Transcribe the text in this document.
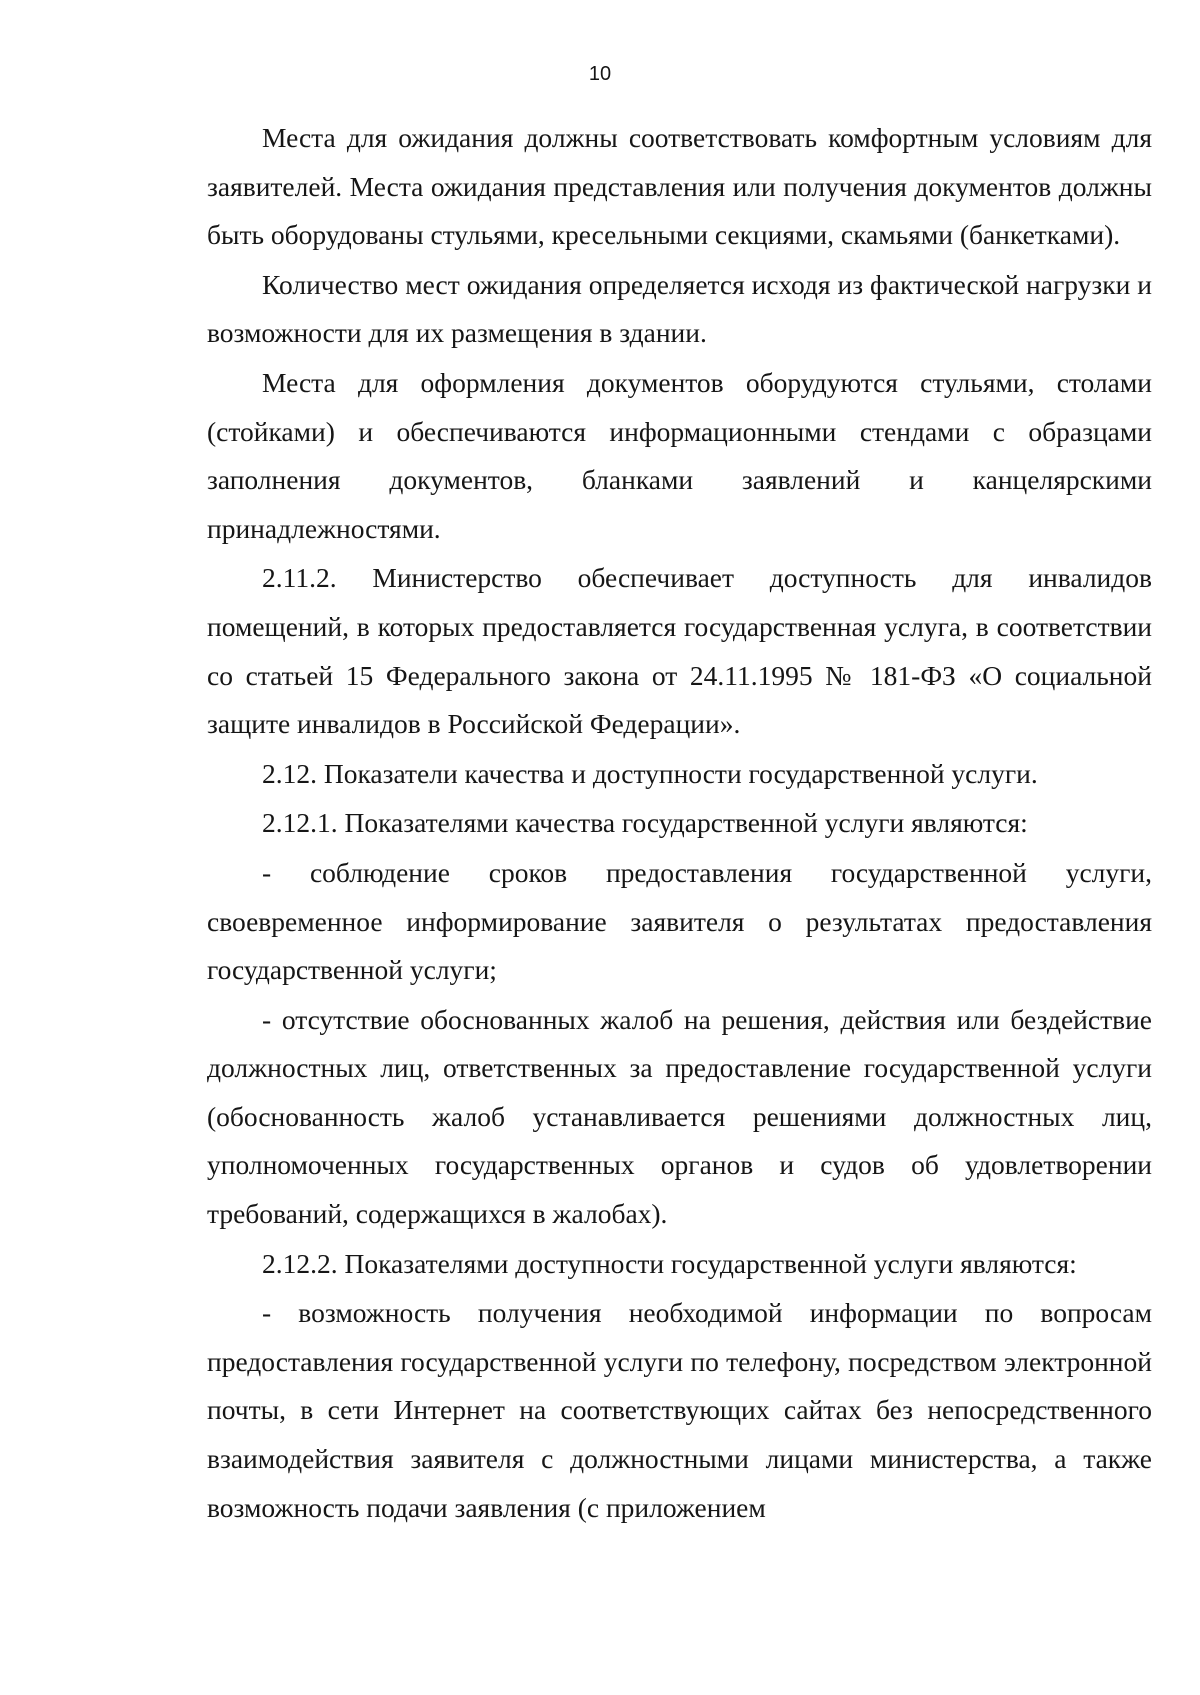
10

Места для ожидания должны соответствовать комфортным условиям для заявителей. Места ожидания представления или получения документов должны быть оборудованы стульями, кресельными секциями, скамьями (банкетками).

Количество мест ожидания определяется исходя из фактической нагрузки и возможности для их размещения в здании.

Места для оформления документов оборудуются стульями, столами (стойками) и обеспечиваются информационными стендами с образцами заполнения документов, бланками заявлений и канцелярскими принадлежностями.

2.11.2. Министерство обеспечивает доступность для инвалидов помещений, в которых предоставляется государственная услуга, в соответствии со статьей 15 Федерального закона от 24.11.1995 № 181-ФЗ «О социальной защите инвалидов в Российской Федерации».

2.12. Показатели качества и доступности государственной услуги.

2.12.1. Показателями качества государственной услуги являются:

- соблюдение сроков предоставления государственной услуги, своевременное информирование заявителя о результатах предоставления государственной услуги;

- отсутствие обоснованных жалоб на решения, действия или бездействие должностных лиц, ответственных за предоставление государственной услуги (обоснованность жалоб устанавливается решениями должностных лиц, уполномоченных государственных органов и судов об удовлетворении требований, содержащихся в жалобах).

2.12.2. Показателями доступности государственной услуги являются:

- возможность получения необходимой информации по вопросам предоставления государственной услуги по телефону, посредством электронной почты, в сети Интернет на соответствующих сайтах без непосредственного взаимодействия заявителя с должностными лицами министерства, а также возможность подачи заявления (с приложением
